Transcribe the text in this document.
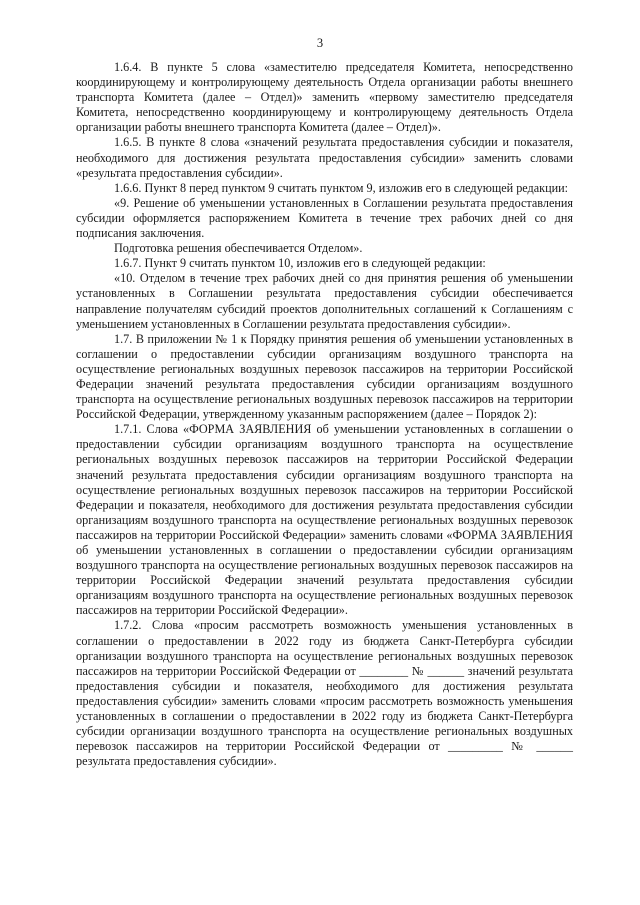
3

1.6.4. В пункте 5 слова «заместителю председателя Комитета, непосредственно координирующему и контролирующему деятельность Отдела организации работы внешнего транспорта Комитета (далее – Отдел)» заменить «первому заместителю председателя Комитета, непосредственно координирующему и контролирующему деятельность Отдела организации работы внешнего транспорта Комитета (далее – Отдел)».

1.6.5. В пункте 8 слова «значений результата предоставления субсидии и показателя, необходимого для достижения результата предоставления субсидии» заменить словами «результата предоставления субсидии».

1.6.6. Пункт 8 перед пунктом 9 считать пунктом 9, изложив его в следующей редакции:

«9. Решение об уменьшении установленных в Соглашении результата предоставления субсидии оформляется распоряжением Комитета в течение трех рабочих дней со дня подписания заключения.

Подготовка решения обеспечивается Отделом».

1.6.7. Пункт 9 считать пунктом 10, изложив его в следующей редакции:

«10. Отделом в течение трех рабочих дней со дня принятия решения об уменьшении установленных в Соглашении результата предоставления субсидии обеспечивается направление получателям субсидий проектов дополнительных соглашений к Соглашениям с уменьшением установленных в Соглашении результата предоставления субсидии».

1.7. В приложении № 1 к Порядку принятия решения об уменьшении установленных в соглашении о предоставлении субсидии организациям воздушного транспорта на осуществление региональных воздушных перевозок пассажиров на территории Российской Федерации значений результата предоставления субсидии организациям воздушного транспорта на осуществление региональных воздушных перевозок пассажиров на территории Российской Федерации, утвержденному указанным распоряжением (далее – Порядок 2):

1.7.1. Слова «ФОРМА ЗАЯВЛЕНИЯ об уменьшении установленных в соглашении о предоставлении субсидии организациям воздушного транспорта на осуществление региональных воздушных перевозок пассажиров на территории Российской Федерации значений результата предоставления субсидии организациям воздушного транспорта на осуществление региональных воздушных перевозок пассажиров на территории Российской Федерации и показателя, необходимого для достижения результата предоставления субсидии организациям воздушного транспорта на осуществление региональных воздушных перевозок пассажиров на территории Российской Федерации» заменить словами «ФОРМА ЗАЯВЛЕНИЯ об уменьшении установленных в соглашении о предоставлении субсидии организациям воздушного транспорта на осуществление региональных воздушных перевозок пассажиров на территории Российской Федерации значений результата предоставления субсидии организациям воздушного транспорта на осуществление региональных воздушных перевозок пассажиров на территории Российской Федерации».

1.7.2. Слова «просим рассмотреть возможность уменьшения установленных в соглашении о предоставлении в 2022 году из бюджета Санкт-Петербурга субсидии организации воздушного транспорта на осуществление региональных воздушных перевозок пассажиров на территории Российской Федерации от ________ № ______ значений результата предоставления субсидии и показателя, необходимого для достижения результата предоставления субсидии» заменить словами «просим рассмотреть возможность уменьшения установленных в соглашении о предоставлении в 2022 году из бюджета Санкт-Петербурга субсидии организации воздушного транспорта на осуществление региональных воздушных перевозок пассажиров на территории Российской Федерации от _________ № ______ результата предоставления субсидии».
